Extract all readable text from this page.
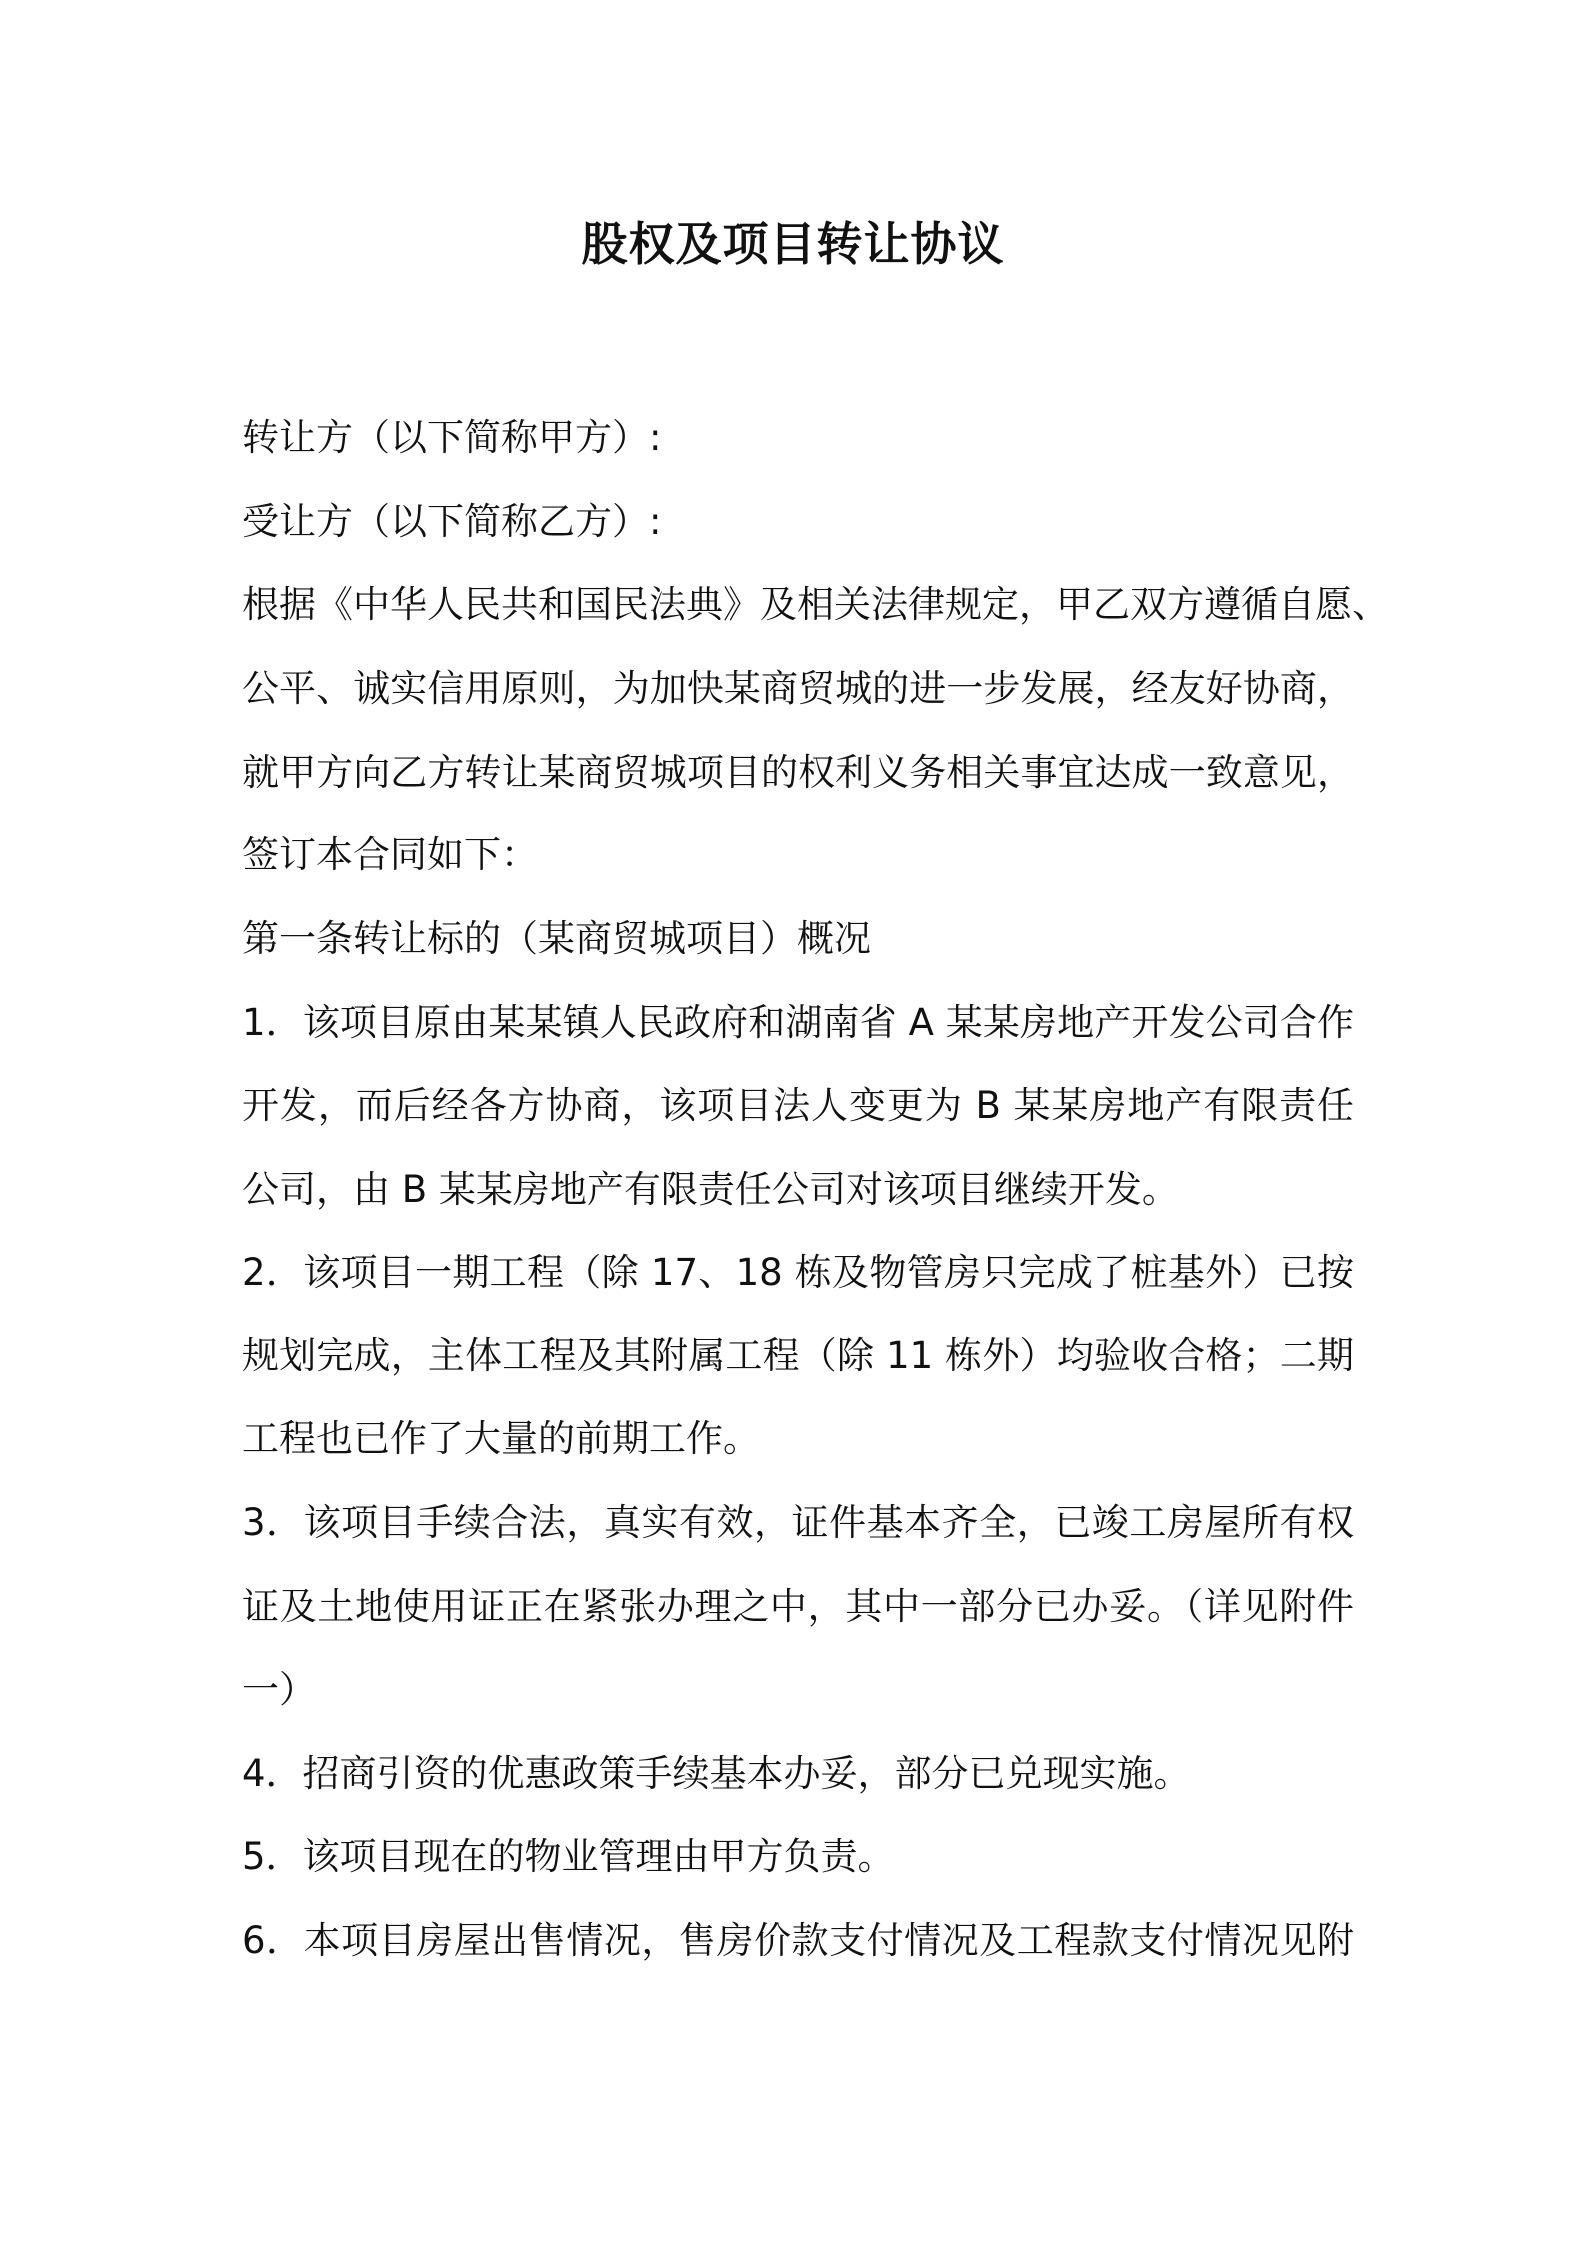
股权及项目转让协议
转让方（以下简称甲方）:
受让方（以下简称乙方）:
根据《中华人民共和国民法典》及相关法律规定，甲乙双方遵循自愿、
公平、诚实信用原则，为加快某商贸城的进一步发展，经友好协商，
就甲方向乙方转让某商贸城项目的权利义务相关事宜达成一致意见，
签订本合同如下：
第一条转让标的（某商贸城项目）概况
1．该项目原由某某镇人民政府和湖南省 A 某某房地产开发公司合作
开发，而后经各方协商，该项目法人变更为 B 某某房地产有限责任
公司，由 B 某某房地产有限责任公司对该项目继续开发。
2．该项目一期工程（除 17、18 栋及物管房只完成了桩基外）已按
规划完成，主体工程及其附属工程（除 11 栋外）均验收合格；二期
工程也已作了大量的前期工作。
3．该项目手续合法，真实有效，证件基本齐全，已竣工房屋所有权
证及土地使用证正在紧张办理之中，其中一部分已办妥。（详见附件
一）
4．招商引资的优惠政策手续基本办妥，部分已兑现实施。
5．该项目现在的物业管理由甲方负责。
6．本项目房屋出售情况，售房价款支付情况及工程款支付情况见附
